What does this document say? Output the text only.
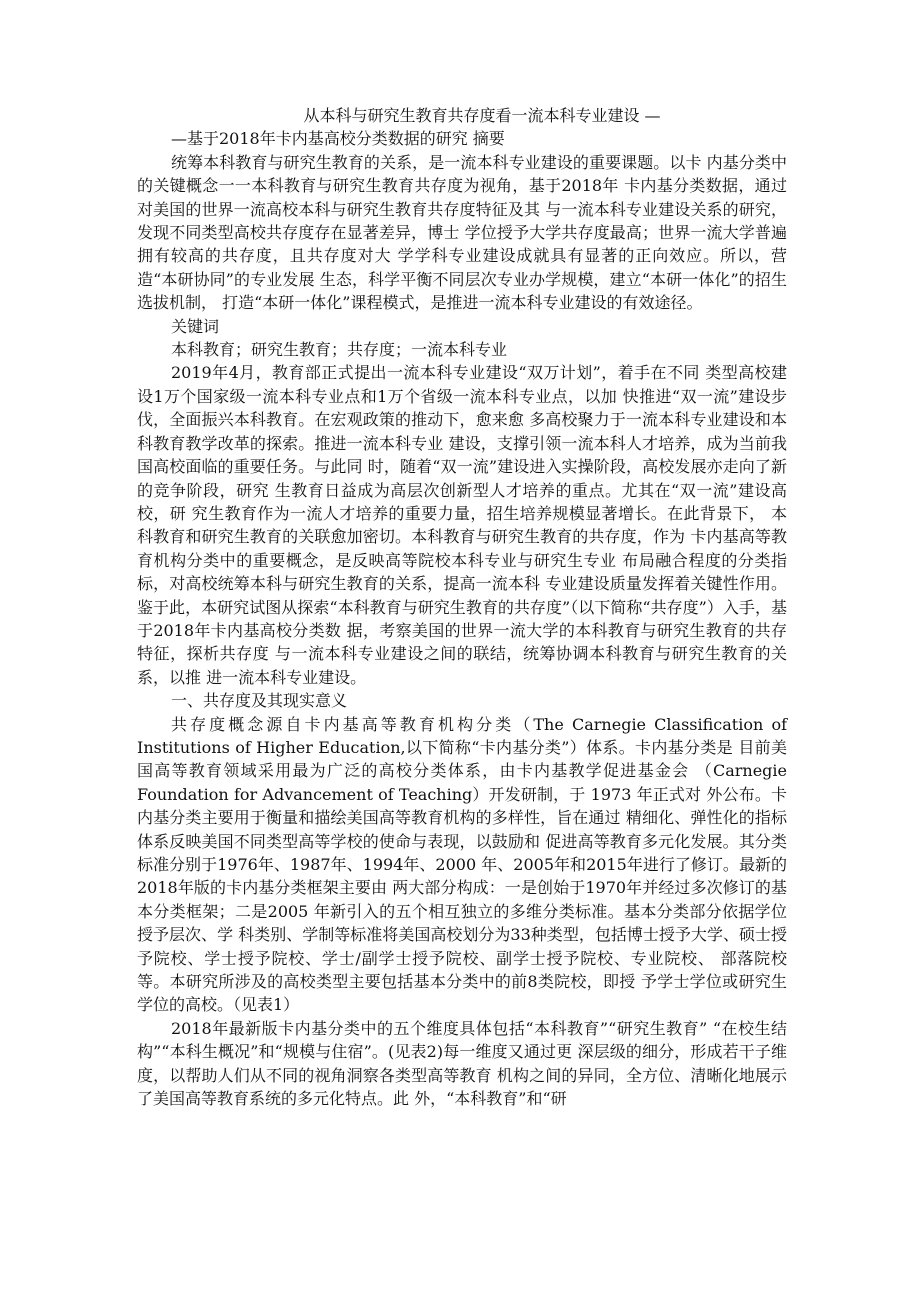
从本科与研究生教育共存度看一流本科专业建设 —

—基于2018年卡内基高校分类数据的研究 摘要

统筹本科教育与研究生教育的关系，是一流本科专业建设的重要课题。以卡 内基分类中的关键概念一一本科教育与研究生教育共存度为视角，基于2018年 卡内基分类数据，通过对美国的世界一流高校本科与研究生教育共存度特征及其 与一流本科专业建设关系的研究，发现不同类型高校共存度存在显著差异，博士 学位授予大学共存度最高；世界一流大学普遍拥有较高的共存度，且共存度对大 学学科专业建设成就具有显著的正向效应。所以，营造“本研协同”的专业发展 生态，科学平衡不同层次专业办学规模，建立“本研一体化”的招生选拔机制， 打造“本研一体化”课程模式，是推进一流本科专业建设的有效途径。

关键词

本科教育；研究生教育；共存度；一流本科专业

2019年4月，教育部正式提出一流本科专业建设“双万计划”，着手在不同 类型高校建设1万个国家级一流本科专业点和1万个省级一流本科专业点，以加 快推进“双一流”建设步伐，全面振兴本科教育。在宏观政策的推动下，愈来愈 多高校聚力于一流本科专业建设和本科教育教学改革的探索。推进一流本科专业 建设，支撑引领一流本科人才培养，成为当前我国高校面临的重要任务。与此同 时，随着“双一流”建设进入实操阶段，高校发展亦走向了新的竞争阶段，研究 生教育日益成为高层次创新型人才培养的重点。尤其在“双一流”建设高校，研 究生教育作为一流人才培养的重要力量，招生培养规模显著增长。在此背景下， 本科教育和研究生教育的关联愈加密切。本科教育与研究生教育的共存度，作为 卡内基高等教育机构分类中的重要概念，是反映高等院校本科专业与研究生专业 布局融合程度的分类指标，对高校统筹本科与研究生教育的关系，提高一流本科 专业建设质量发挥着关键性作用。鉴于此，本研究试图从探索“本科教育与研究生教育的共存度”（以下简称“共存度”）入手，基于2018年卡内基高校分类数 据，考察美国的世界一流大学的本科教育与研究生教育的共存特征，探析共存度 与一流本科专业建设之间的联结，统筹协调本科教育与研究生教育的关系，以推 进一流本科专业建设。

一、共存度及其现实意义

共存度概念源自卡内基高等教育机构分类（The Carnegie Classification of Institutions of Higher Education,以下简称“卡内基分类”）体系。卡内基分类是 目前美国高等教育领域采用最为广泛的高校分类体系，由卡内基教学促进基金会 （Carnegie Foundation for Advancement of Teaching）开发研制，于 1973 年正式对 外公布。卡内基分类主要用于衡量和描绘美国高等教育机构的多样性，旨在通过 精细化、弹性化的指标体系反映美国不同类型高等学校的使命与表现，以鼓励和 促进高等教育多元化发展。其分类标准分别于1976年、1987年、1994年、2000 年、2005年和2015年进行了修订。最新的2018年版的卡内基分类框架主要由 两大部分构成：一是创始于1970年并经过多次修订的基本分类框架；二是2005 年新引入的五个相互独立的多维分类标准。基本分类部分依据学位授予层次、学 科类别、学制等标准将美国高校划分为33种类型，包括博士授予大学、硕士授 予院校、学士授予院校、学士/副学士授予院校、副学士授予院校、专业院校、 部落院校等。本研究所涉及的高校类型主要包括基本分类中的前8类院校，即授 予学士学位或研究生学位的高校。（见表1）

2018年最新版卡内基分类中的五个维度具体包括“本科教育”“研究生教育” “在校生结构”“本科生概况”和“规模与住宿”。(见表2)每一维度又通过更 深层级的细分，形成若干子维度，以帮助人们从不同的视角洞察各类型高等教育 机构之间的异同，全方位、清晰化地展示了美国高等教育系统的多元化特点。此 外，“本科教育”和“研
